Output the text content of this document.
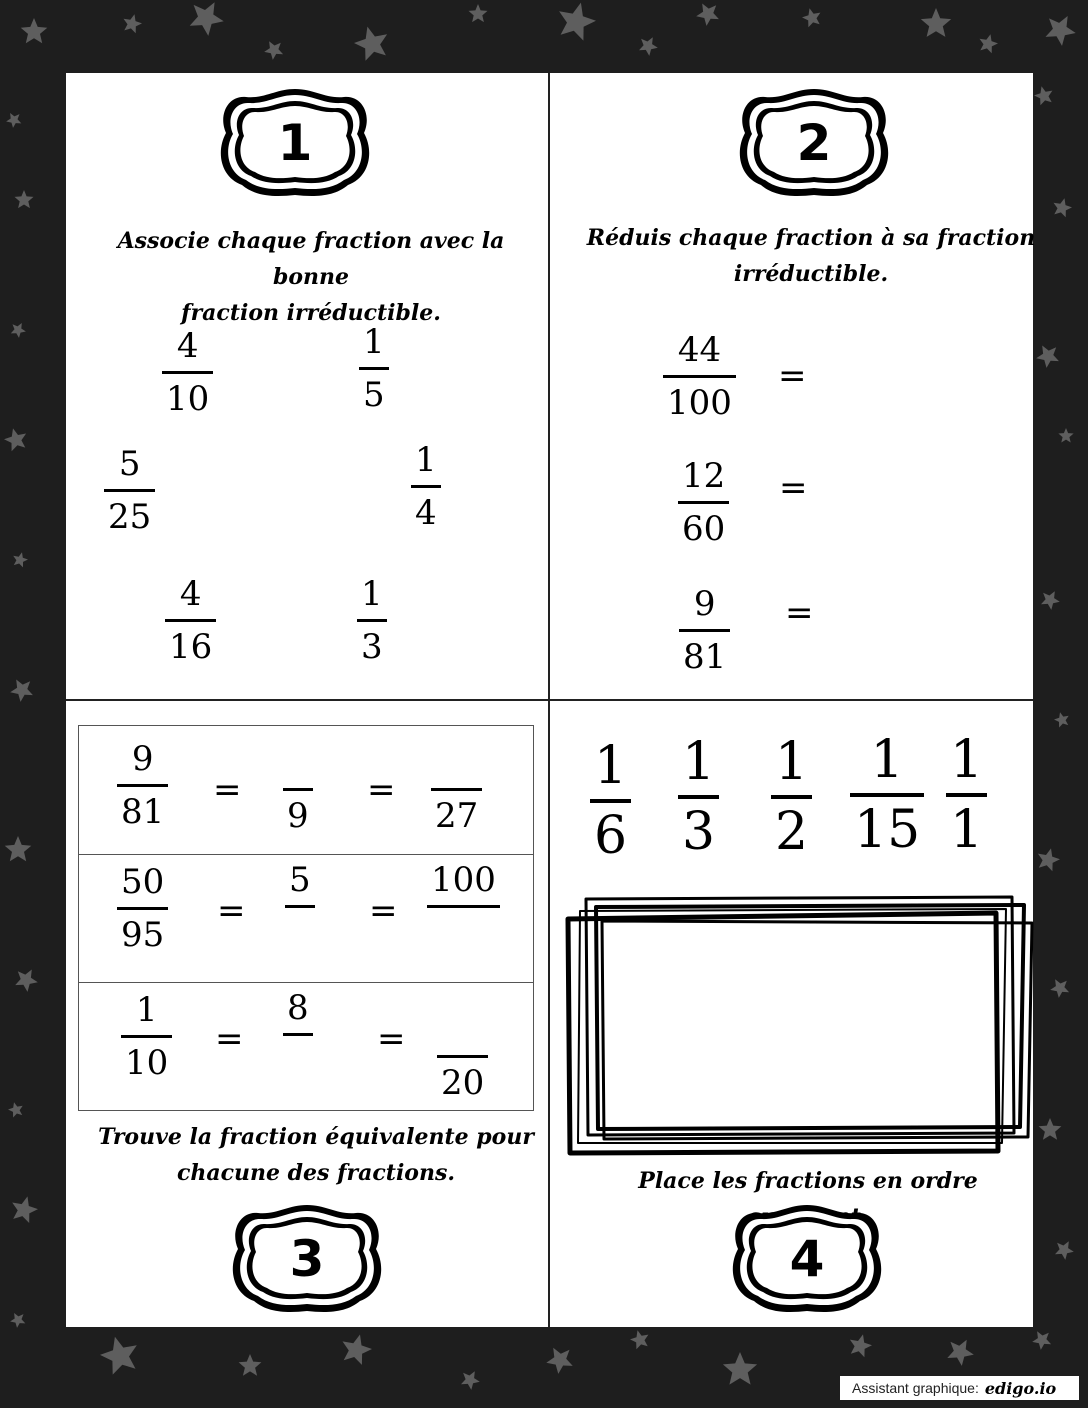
1
Associe chaque fraction avec la bonne
fraction irréductible.
4
10
1
5
5
25
1
4
4
16
1
3
2
Réduis chaque fraction à sa fraction
irréductible.
44
100
=
12
60
=
9
81
=
9
81
=
9
=
27
50
95
=
5
=
100
1
10
=
8
=
20
Trouve la fraction équivalente pour
chacune des fractions.
3
1
6
1
3
1
2
1
15
1
1
Place les fractions en ordre
4
Assistant graphique: edigo.io
